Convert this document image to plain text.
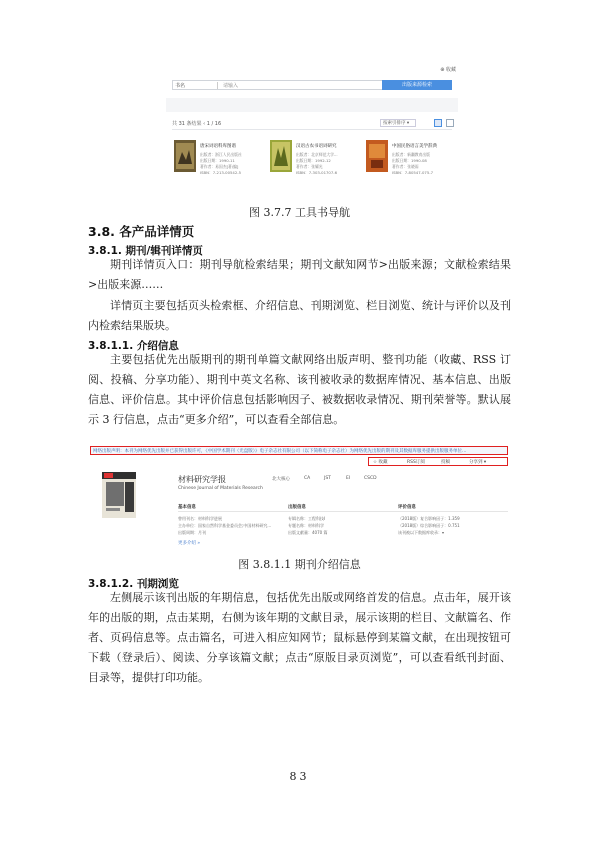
⊕ 收藏
书名	请输入	出版来源检索
共 31 条结果 ‹ 1 / 16	按索引排序 ▾
唐宋词语料库图谱
出版者：浙江人民出版社
出版日期：1990-11
著作者：易国杰[著/编]
ISBN：7-213-00542-5
汉语古农书语词研究
出版者：北京师范大学...
出版日期：1992-12
著作者：张耀光
ISBN：7-303-01707-6
中国民俗语言美学辞典
出版者：新疆教育出版
出版日期：1990-08
著作者：张晓雨
ISBN：7-80547-075-7
图 3.7.7 工具书导航
3.8. 各产品详情页
3.8.1. 期刊/辑刊详情页
期刊详情页入口：期刊导航检索结果；期刊文献知网节>出版来源；文献检索结果>出版来源……
详情页主要包括页头检索框、介绍信息、刊期浏览、栏目浏览、统计与评价以及刊内检索结果版块。
3.8.1.1. 介绍信息
主要包括优先出版期刊的期刊单篇文献网络出版声明、整刊功能（收藏、RSS 订阅、投稿、分享功能）、期刊中英文名称、该刊被收录的数据库情况、基本信息、出版信息、评价信息。其中评价信息包括影响因子、被数据收录情况、期刊荣誉等。默认展示 3 行信息，点击“更多介绍”，可以查看全部信息。
网络出版声明：本刊为网络优先出版并已获得出版许可，《中国学术期刊（光盘版）》电子杂志社有限公司（以下简称电子杂志社）为网络优先出版的期刊及其数据库服务提供出版服务单位…
☆ 收藏	RSS订阅	投稿	分享到 ▾
材料研究学报
Chinese Journal of Materials Research
北大核心	CA	JST	EI	CSCD
基本信息	出版信息	评价信息
曾用刊名：材料科学进展
主办单位：国家自然科学基金委员会;中国材料研究...
出版周期：月刊
专辑名称：工程科技I
专题名称：材料科学
出版文献量：4070 篇
（2018版）复合影响因子：1.359
（2018版）综合影响因子：0.751
该刊被以下数据库收录：▾
更多介绍 »
图 3.8.1.1 期刊介绍信息
3.8.1.2. 刊期浏览
左侧展示该刊出版的年期信息，包括优先出版或网络首发的信息。点击年，展开该年的出版的期，点击某期，右侧为该年期的文献目录，展示该期的栏目、文献篇名、作者、页码信息等。点击篇名，可进入相应知网节；鼠标悬停到某篇文献，在出现按钮可下载（登录后）、阅读、分享该篇文献；点击“原版目录页浏览”，可以查看纸刊封面、目录等，提供打印功能。
83
